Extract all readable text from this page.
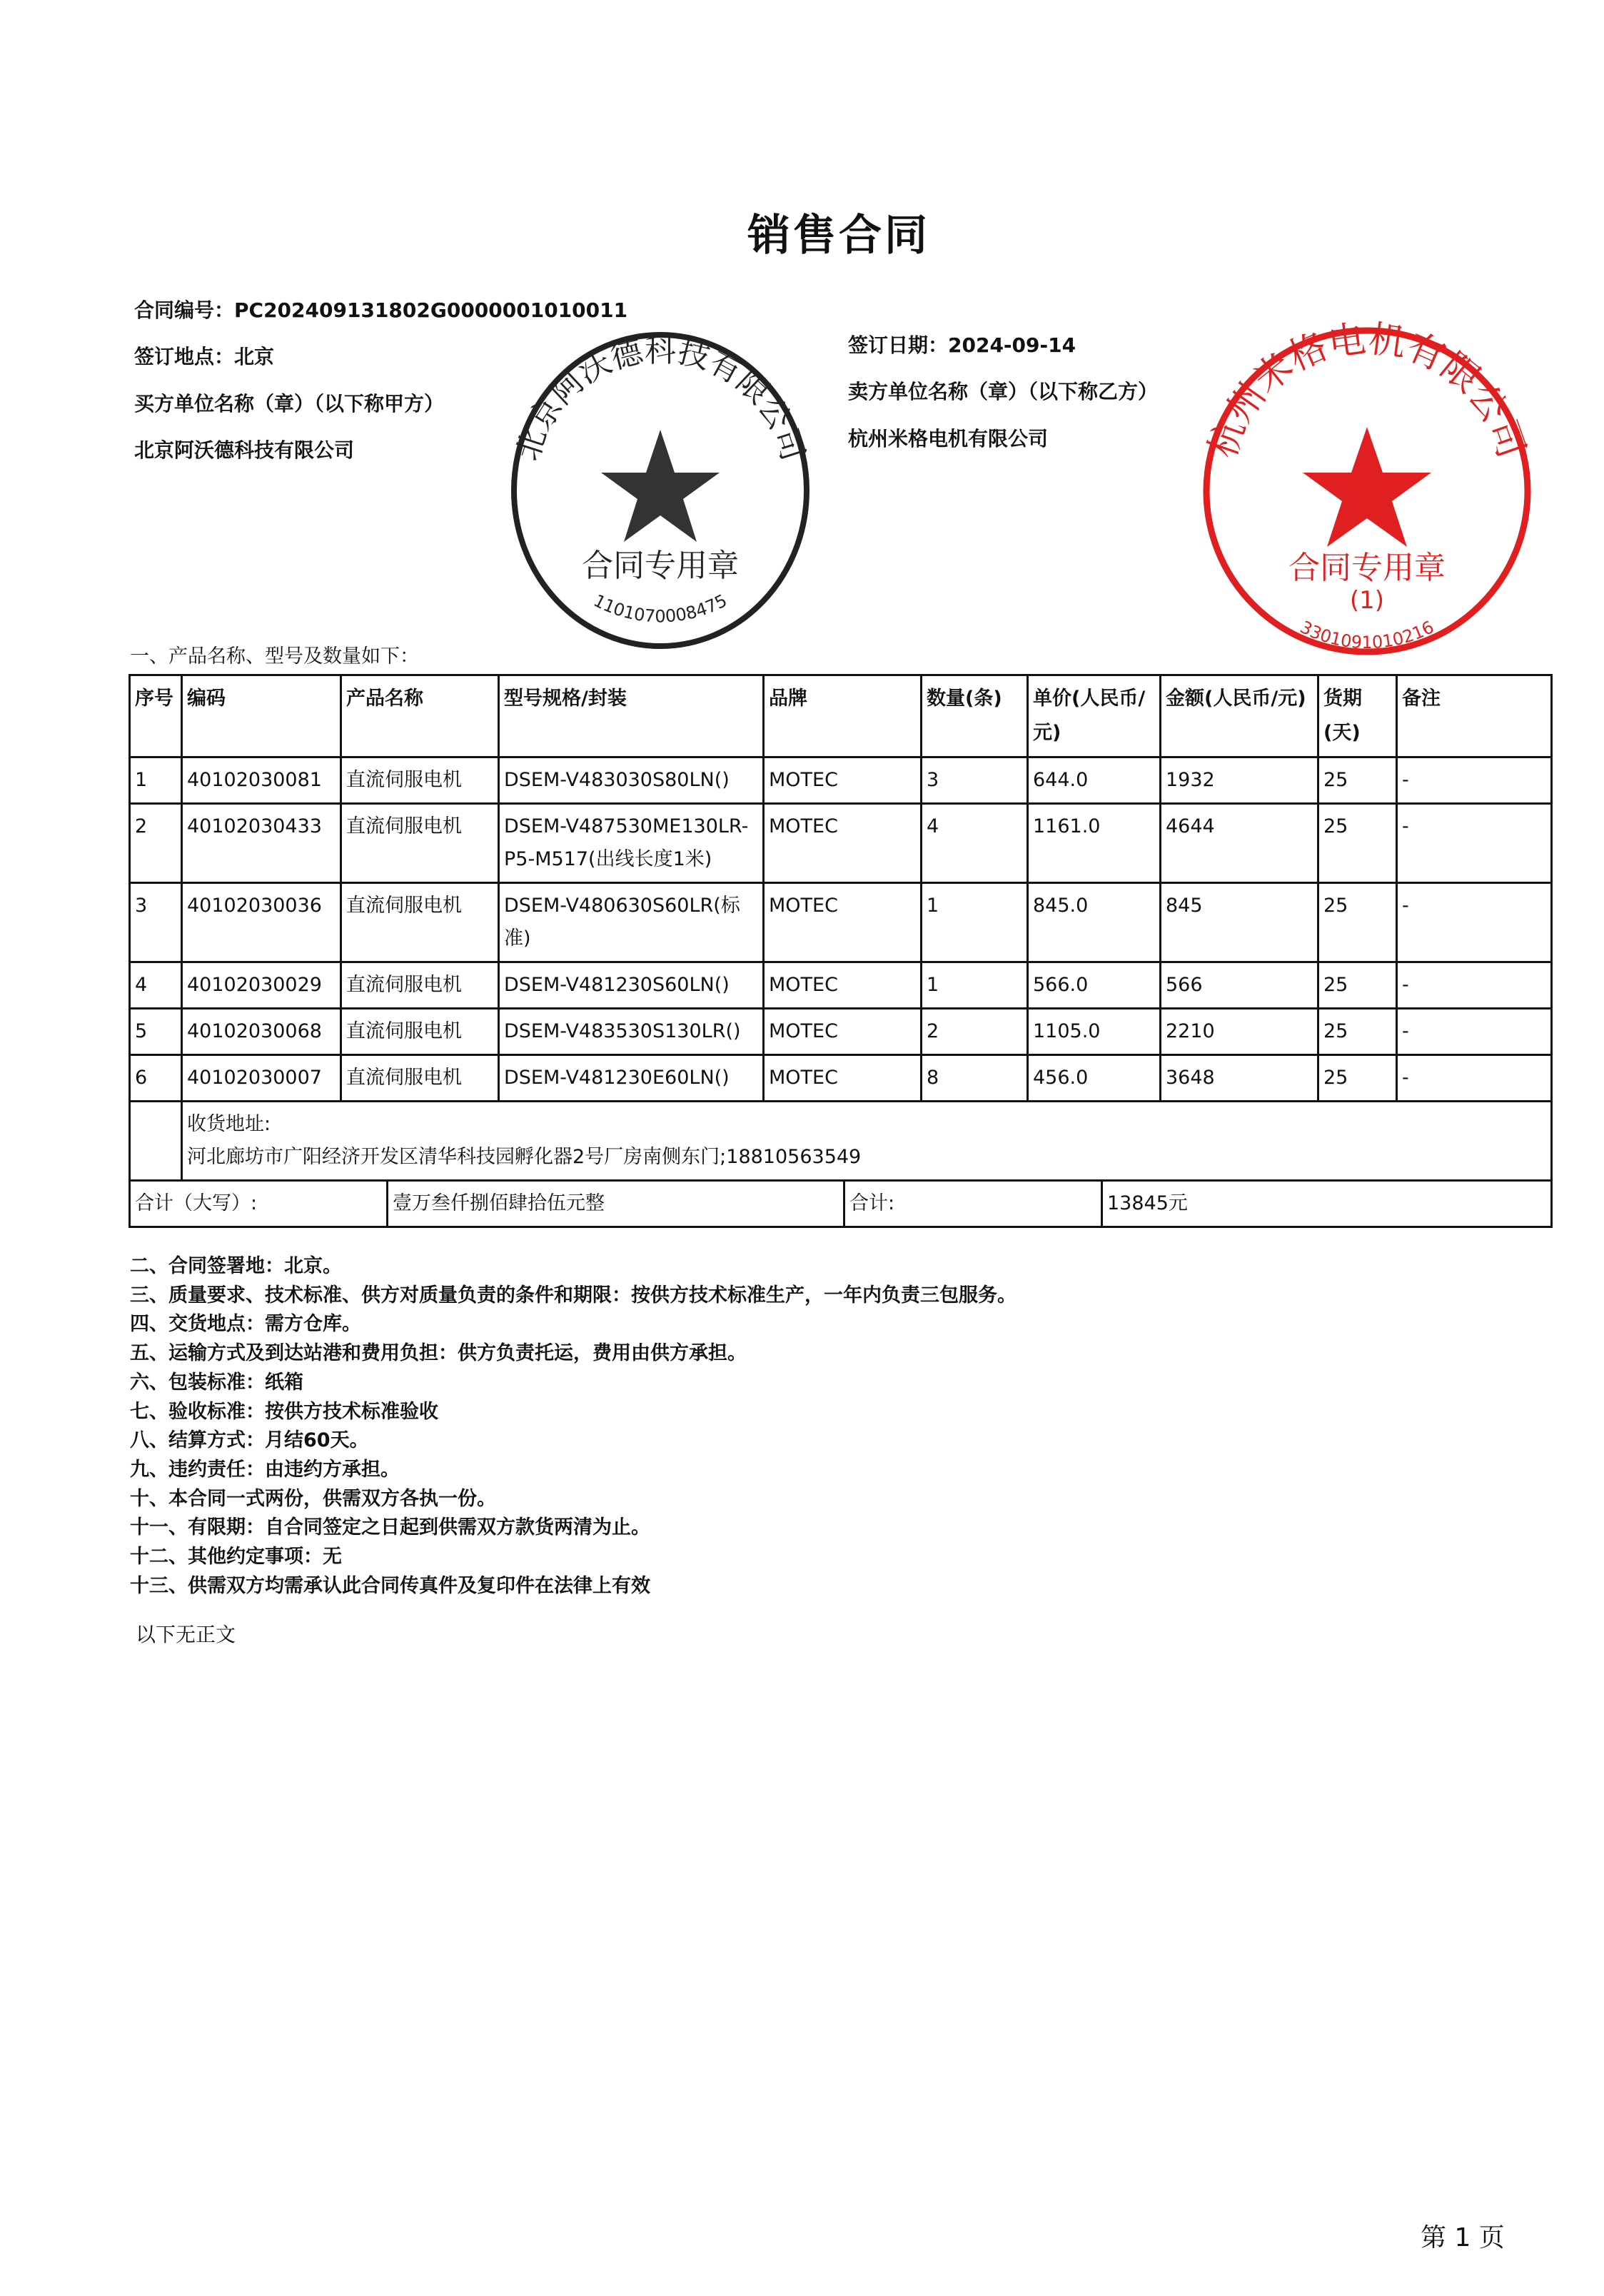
销售合同
合同编号：PC202409131802G0000001010011
签订地点：北京
买方单位名称（章）（以下称甲方）
北京阿沃德科技有限公司
签订日期：2024-09-14
卖方单位名称（章）（以下称乙方）
杭州米格电机有限公司
一、产品名称、型号及数量如下：
序号	编码	产品名称	型号规格/封装	品牌	数量(条)	单价(人民币/元)	金额(人民币/元)	货期(天)	备注
1	40102030081	直流伺服电机	DSEM-V483030S80LN()	MOTEC	3	644.0	1932	25	-
2	40102030433	直流伺服电机	DSEM-V487530ME130LR-P5-M517(出线长度1米)	MOTEC	4	1161.0	4644	25	-
3	40102030036	直流伺服电机	DSEM-V480630S60LR(标准)	MOTEC	1	845.0	845	25	-
4	40102030029	直流伺服电机	DSEM-V481230S60LN()	MOTEC	1	566.0	566	25	-
5	40102030068	直流伺服电机	DSEM-V483530S130LR()	MOTEC	2	1105.0	2210	25	-
6	40102030007	直流伺服电机	DSEM-V481230E60LN()	MOTEC	8	456.0	3648	25	-

	收货地址:
河北廊坊市广阳经济开发区清华科技园孵化器2号厂房南侧东门;18810563549								
合计（大写）:	壹万叁仟捌佰肆拾伍元整	合计:	13845元
二、合同签署地：北京。
三、质量要求、技术标准、供方对质量负责的条件和期限：按供方技术标准生产，一年内负责三包服务。
四、交货地点：需方仓库。
五、运输方式及到达站港和费用负担：供方负责托运，费用由供方承担。
六、包装标准：纸箱
七、验收标准：按供方技术标准验收
八、结算方式：月结60天。
九、违约责任：由违约方承担。
十、本合同一式两份，供需双方各执一份。
十一、有限期：自合同签定之日起到供需双方款货两清为止。
十二、其他约定事项：无
十三、供需双方均需承认此合同传真件及复印件在法律上有效
以下无正文
第 1 页
北京阿沃德科技有限公司
合同专用章
1101070008475
杭州米格电机有限公司
合同专用章
(1)
3301091010216
